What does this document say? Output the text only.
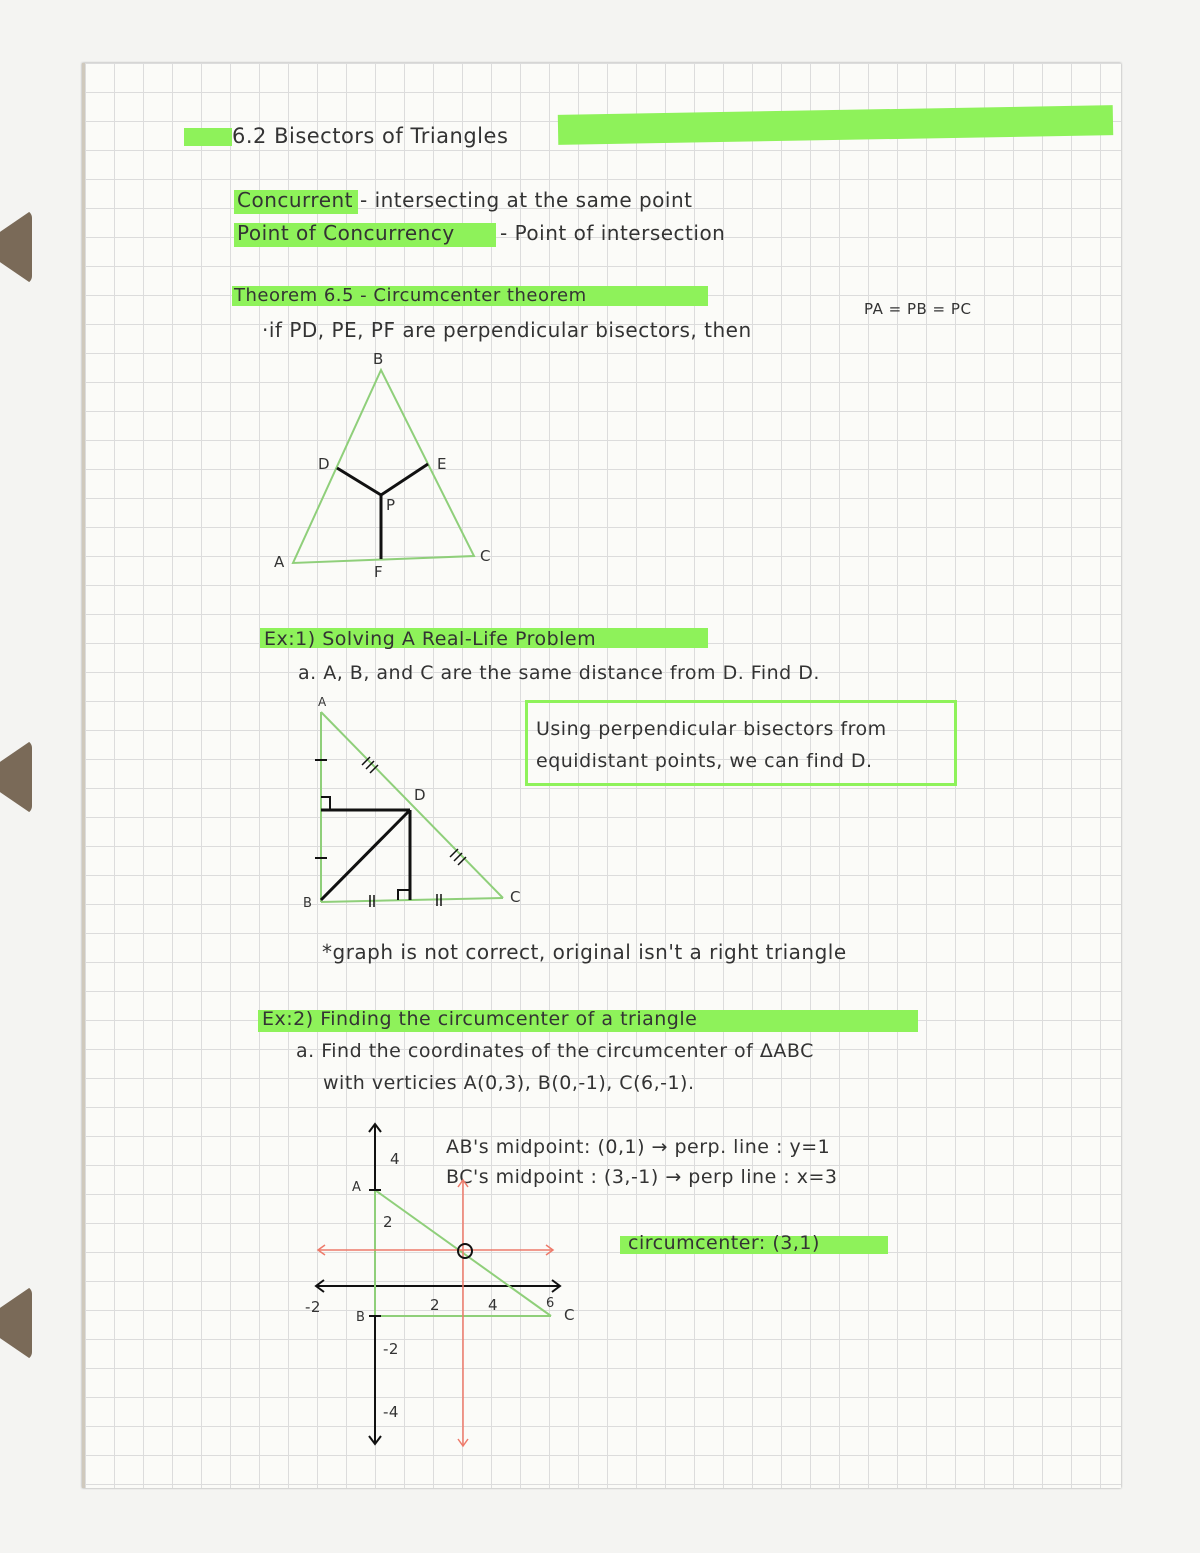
6.2 Bisectors of Triangles
Concurrent - intersecting at the same point
Point of Concurrency - Point of intersection
Theorem 6.5 - Circumcenter theorem
·if PD, PE, PF are perpendicular bisectors, then
PA = PB = PC
B
D	E
P
A	C
F
Ex:1) Solving A Real-Life Problem
a. A, B, and C are the same distance from D. Find D.
Using perpendicular bisectors from
equidistant points, we can find D.
A
B	C
D
*graph is not correct, original isn't a right triangle
Ex:2) Finding the circumcenter of a triangle
a. Find the coordinates of the circumcenter of ΔABC
with verticies A(0,3), B(0,-1), C(6,-1).
AB's midpoint: (0,1) → perp. line : y=1
BC's midpoint : (3,-1) → perp line : x=3
circumcenter: (3,1)
4
A
2
-2	2	4	6
C
B
-2
-4
